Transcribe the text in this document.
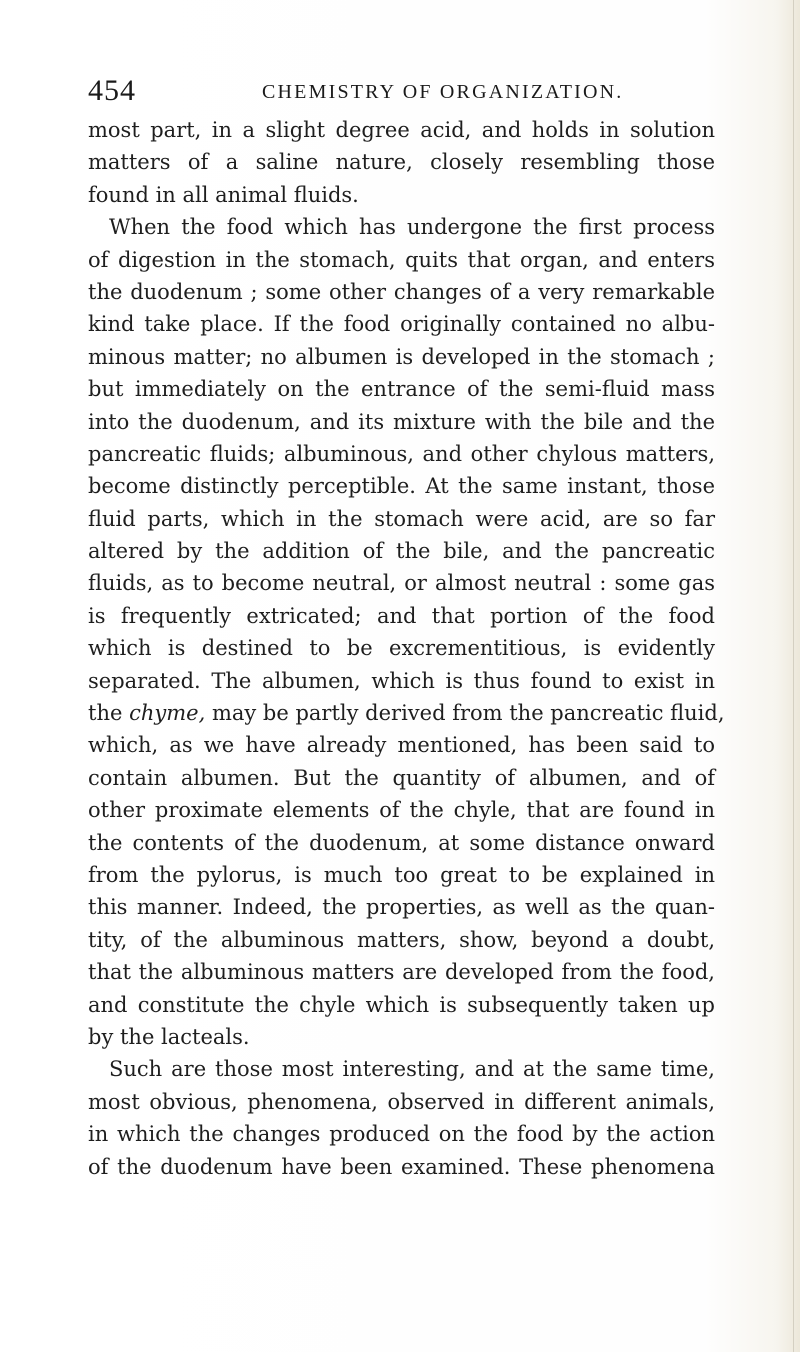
454	CHEMISTRY OF ORGANIZATION.
most part, in a slight degree acid, and holds in solution
matters of a saline nature, closely resembling those
found in all animal fluids.
When the food which has undergone the first process
of digestion in the stomach, quits that organ, and enters
the duodenum ; some other changes of a very remarkable
kind take place. If the food originally contained no albu-
minous matter; no albumen is developed in the stomach ;
but immediately on the entrance of the semi-fluid mass
into the duodenum, and its mixture with the bile and the
pancreatic fluids; albuminous, and other chylous matters,
become distinctly perceptible. At the same instant, those
fluid parts, which in the stomach were acid, are so far
altered by the addition of the bile, and the pancreatic
fluids, as to become neutral, or almost neutral : some gas
is frequently extricated; and that portion of the food
which is destined to be excrementitious, is evidently
separated. The albumen, which is thus found to exist in
the chyme, may be partly derived from the pancreatic fluid,
which, as we have already mentioned, has been said to
contain albumen. But the quantity of albumen, and of
other proximate elements of the chyle, that are found in
the contents of the duodenum, at some distance onward
from the pylorus, is much too great to be explained in
this manner. Indeed, the properties, as well as the quan-
tity, of the albuminous matters, show, beyond a doubt,
that the albuminous matters are developed from the food,
and constitute the chyle which is subsequently taken up
by the lacteals.
Such are those most interesting, and at the same time,
most obvious, phenomena, observed in different animals,
in which the changes produced on the food by the action
of the duodenum have been examined. These phenomena
